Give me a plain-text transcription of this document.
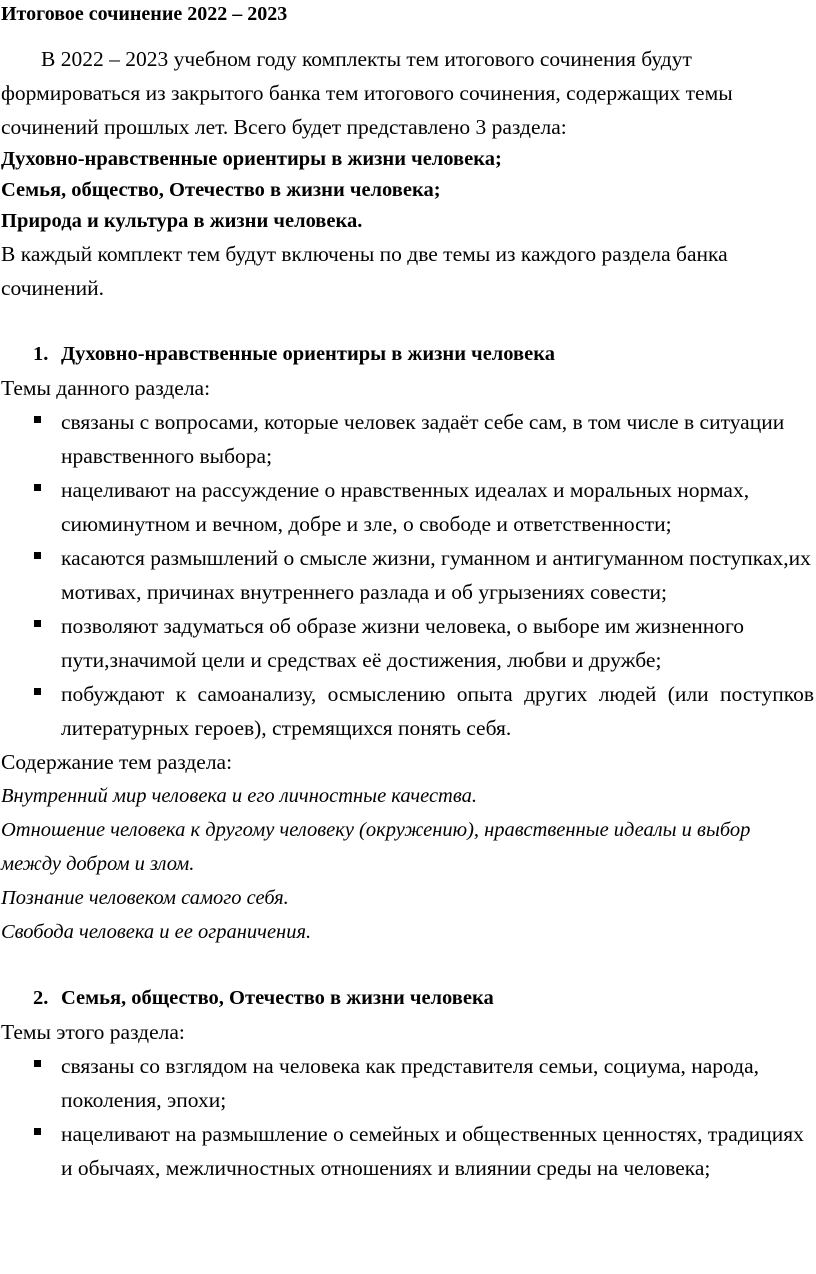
Итоговое сочинение 2022 – 2023

В 2022 – 2023 учебном году комплекты тем итогового сочинения будут формироваться из закрытого банка тем итогового сочинения, содержащих темы сочинений прошлых лет. Всего будет представлено 3 раздела:

Духовно-нравственные ориентиры в жизни человека;
Семья, общество, Отечество в жизни человека;
Природа и культура в жизни человека.

В каждый комплект тем будут включены по две темы из каждого раздела банка сочинений.

1. Духовно-нравственные ориентиры в жизни человека

Темы данного раздела:

связаны с вопросами, которые человек задаёт себе сам, в том числе в ситуации нравственного выбора;
нацеливают на рассуждение о нравственных идеалах и моральных нормах, сиюминутном и вечном, добре и зле, о свободе и ответственности;
касаются размышлений о смысле жизни, гуманном и антигуманном поступках,их мотивах, причинах внутреннего разлада и об угрызениях совести;
позволяют задуматься об образе жизни человека, о выборе им жизненного пути,значимой цели и средствах её достижения, любви и дружбе;
побуждают к самоанализу, осмыслению опыта других людей (или поступков литературных героев), стремящихся понять себя.

Содержание тем раздела:

Внутренний мир человека и его личностные качества.
Отношение человека к другому человеку (окружению), нравственные идеалы и выбор между добром и злом.
Познание человеком самого себя.
Свобода человека и ее ограничения.
2. Семья, общество, Отечество в жизни человека

Темы этого раздела:

связаны со взглядом на человека как представителя семьи, социума, народа, поколения, эпохи;
нацеливают на размышление о семейных и общественных ценностях, традициях и обычаях, межличностных отношениях и влиянии среды на человека;
